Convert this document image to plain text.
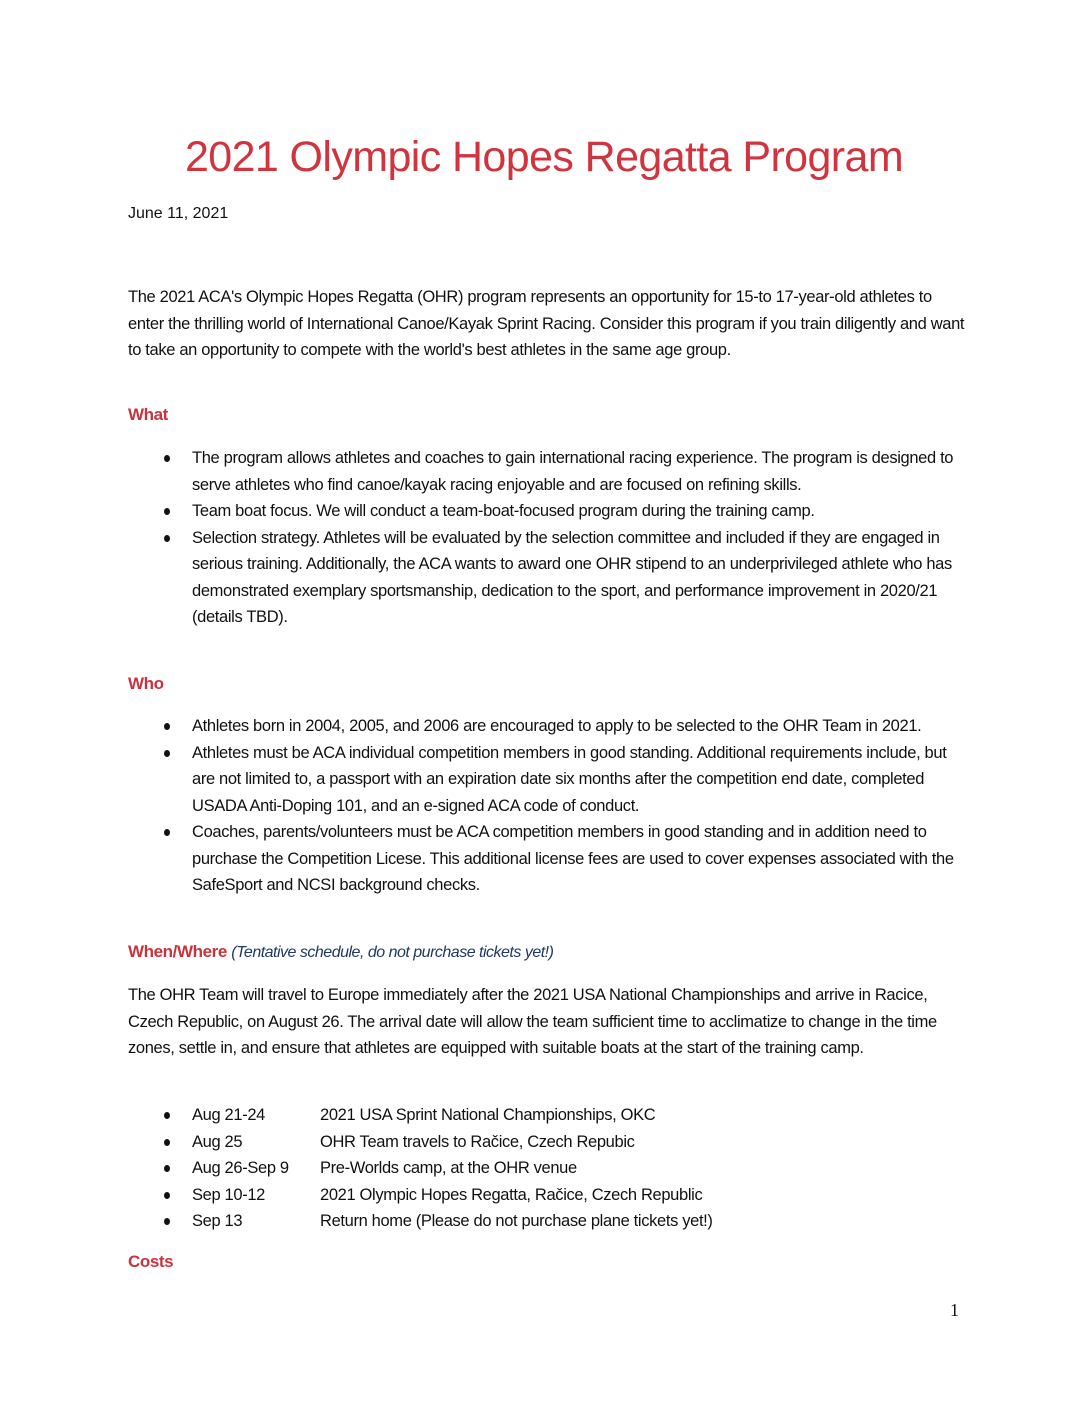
2021 Olympic Hopes Regatta Program
June 11, 2021

The 2021 ACA's Olympic Hopes Regatta (OHR) program represents an opportunity for 15-to 17-year-old athletes to enter the thrilling world of International Canoe/Kayak Sprint Racing. Consider this program if you train diligently and want to take an opportunity to compete with the world's best athletes in the same age group.

What
The program allows athletes and coaches to gain international racing experience. The program is designed to serve athletes who find canoe/kayak racing enjoyable and are focused on refining skills.
Team boat focus. We will conduct a team-boat-focused program during the training camp.
Selection strategy. Athletes will be evaluated by the selection committee and included if they are engaged in serious training. Additionally, the ACA wants to award one OHR stipend to an underprivileged athlete who has demonstrated exemplary sportsmanship, dedication to the sport, and performance improvement in 2020/21 (details TBD).
Who
Athletes born in 2004, 2005, and 2006 are encouraged to apply to be selected to the OHR Team in 2021.
Athletes must be ACA individual competition members in good standing. Additional requirements include, but are not limited to, a passport with an expiration date six months after the competition end date, completed USADA Anti-Doping 101, and an e-signed ACA code of conduct.
Coaches, parents/volunteers must be ACA competition members in good standing and in addition need to purchase the Competition Licese. This additional license fees are used to cover expenses associated with the SafeSport and NCSI background checks.
When/Where (Tentative schedule, do not purchase tickets yet!)

The OHR Team will travel to Europe immediately after the 2021 USA National Championships and arrive in Racice, Czech Republic, on August 26. The arrival date will allow the team sufficient time to acclimatize to change in the time zones, settle in, and ensure that athletes are equipped with suitable boats at the start of the training camp.

Aug 21-24	2021 USA Sprint National Championships, OKC
Aug 25	OHR Team travels to Račice, Czech Repubic
Aug 26-Sep 9	Pre-Worlds camp, at the OHR venue
Sep 10-12	2021 Olympic Hopes Regatta, Račice, Czech Republic
Sep 13	Return home (Please do not purchase plane tickets yet!)
Costs
1
